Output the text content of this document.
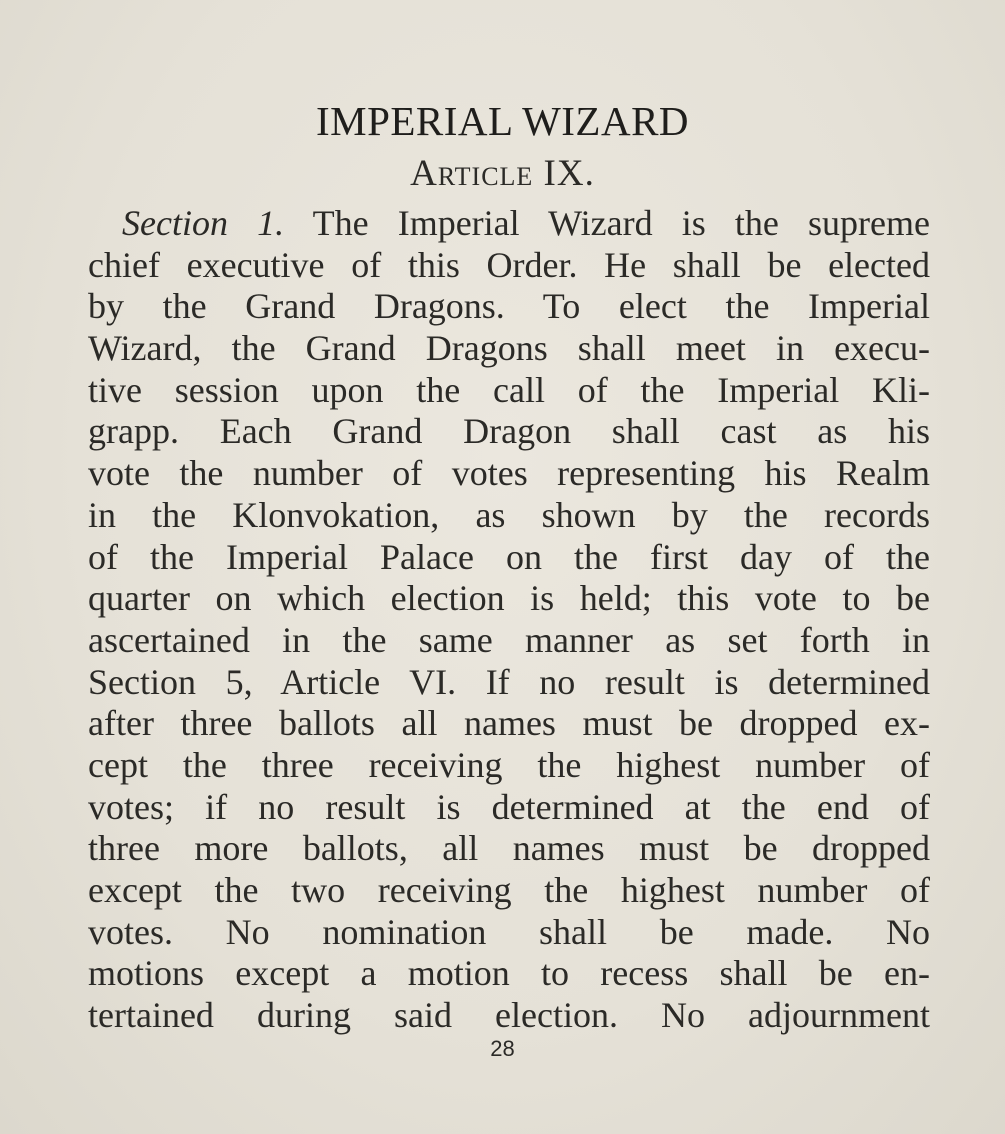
IMPERIAL WIZARD
Article IX.
Section 1. The Imperial Wizard is the supreme
chief executive of this Order. He shall be elected
by the Grand Dragons. To elect the Imperial
Wizard, the Grand Dragons shall meet in execu-
tive session upon the call of the Imperial Kli-
grapp. Each Grand Dragon shall cast as his
vote the number of votes representing his Realm
in the Klonvokation, as shown by the records
of the Imperial Palace on the first day of the
quarter on which election is held; this vote to be
ascertained in the same manner as set forth in
Section 5, Article VI. If no result is determined
after three ballots all names must be dropped ex-
cept the three receiving the highest number of
votes; if no result is determined at the end of
three more ballots, all names must be dropped
except the two receiving the highest number of
votes. No nomination shall be made. No
motions except a motion to recess shall be en-
tertained during said election. No adjournment
28
